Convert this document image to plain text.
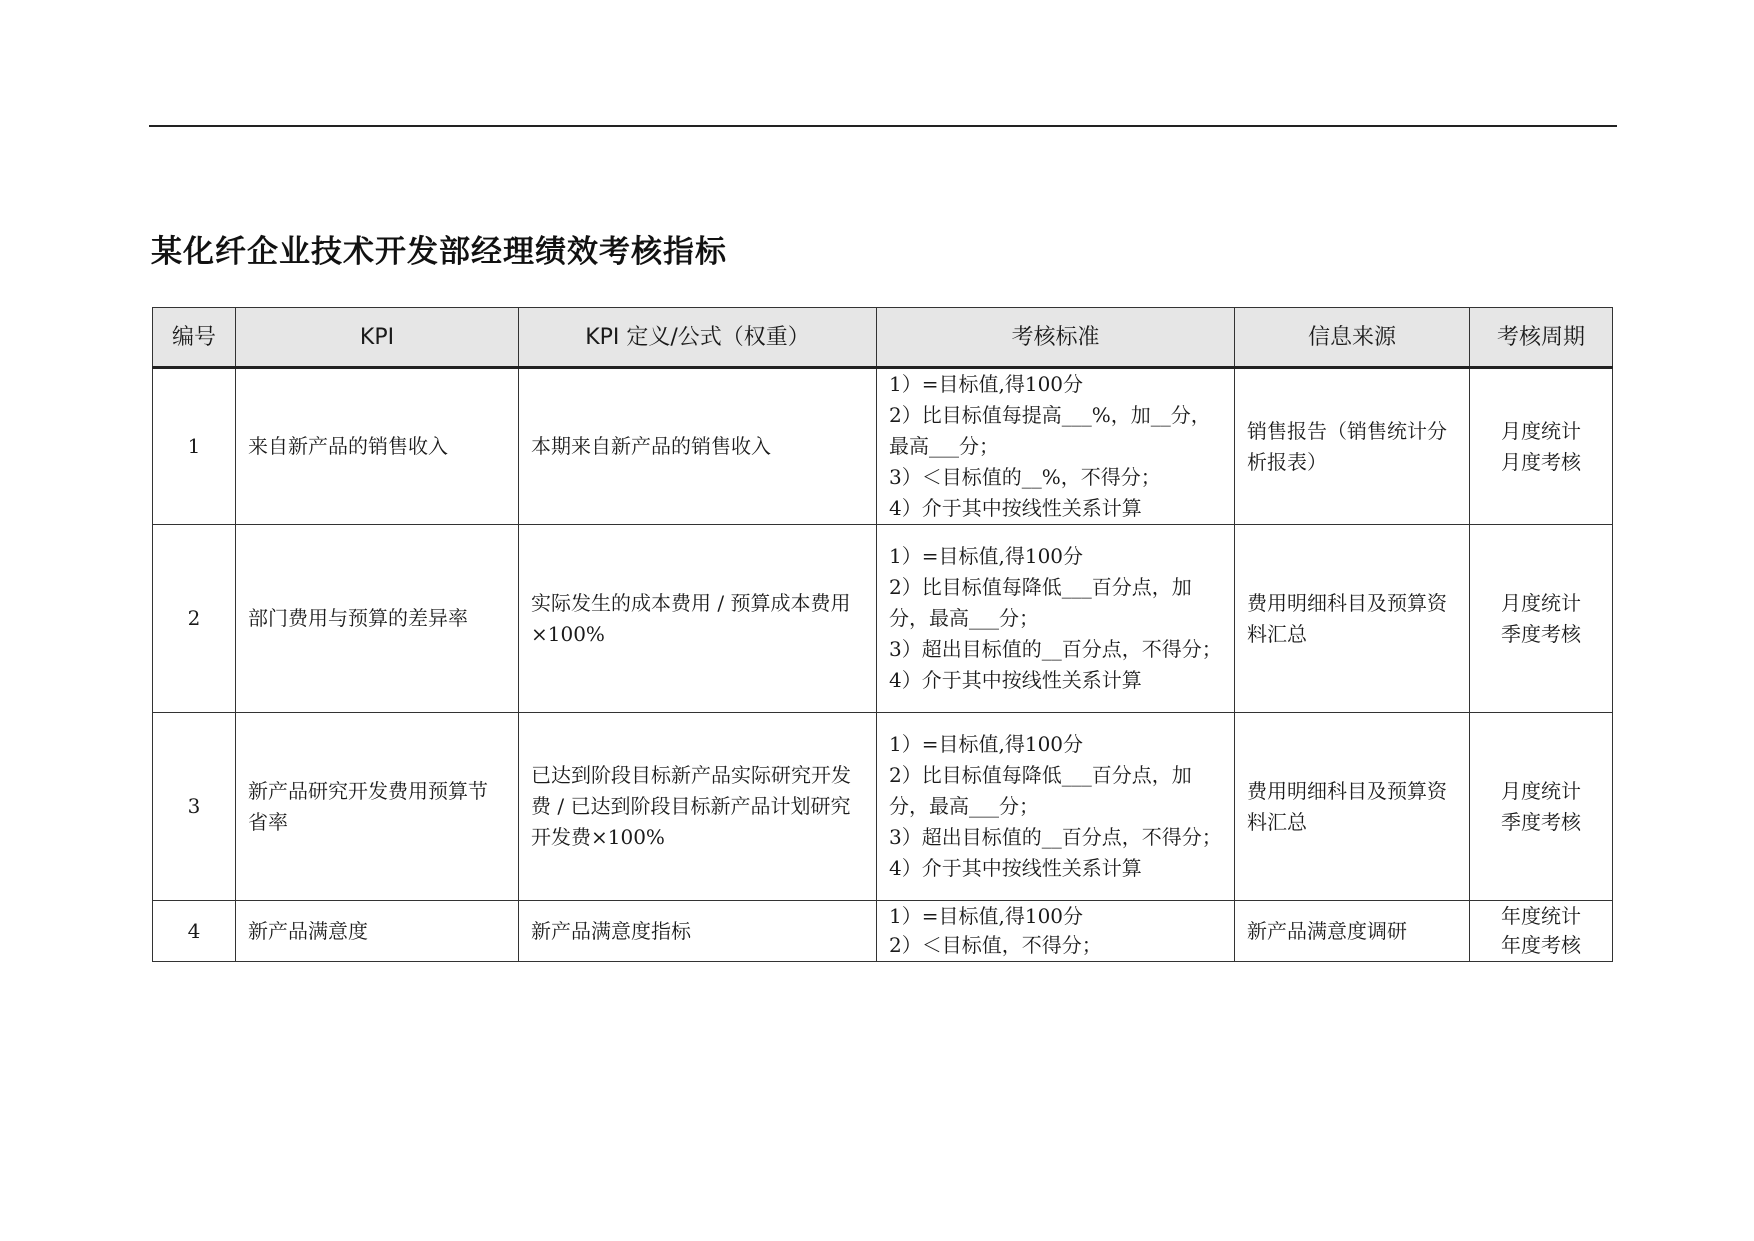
某化纤企业技术开发部经理绩效考核指标
编号	KPI	KPI 定义/公式（权重）	考核标准	信息来源	考核周期
1	来自新产品的销售收入	本期来自新产品的销售收入	1）=目标值,得100分
2）比目标值每提高___%，加__分，
最高___分；
3）＜目标值的__%，不得分；
4）介于其中按线性关系计算	销售报告（销售统计分析报表）	月度统计
月度考核

2	部门费用与预算的差异率	实际发生的成本费用 / 预算成本费用×100%	1）=目标值,得100分
2）比目标值每降低___百分点，加分，最高___分；
3）超出目标值的__百分点，不得分；
4）介于其中按线性关系计算	费用明细科目及预算资料汇总	月度统计
季度考核

3	新产品研究开发费用预算节省率	已达到阶段目标新产品实际研究开发费 / 已达到阶段目标新产品计划研究开发费×100%	1）=目标值,得100分
2）比目标值每降低___百分点，加分，最高___分；
3）超出目标值的__百分点，不得分；
4）介于其中按线性关系计算	费用明细科目及预算资料汇总	月度统计
季度考核

4	新产品满意度	新产品满意度指标	1）=目标值,得100分
2）＜目标值，不得分；	新产品满意度调研	年度统计
年度考核
